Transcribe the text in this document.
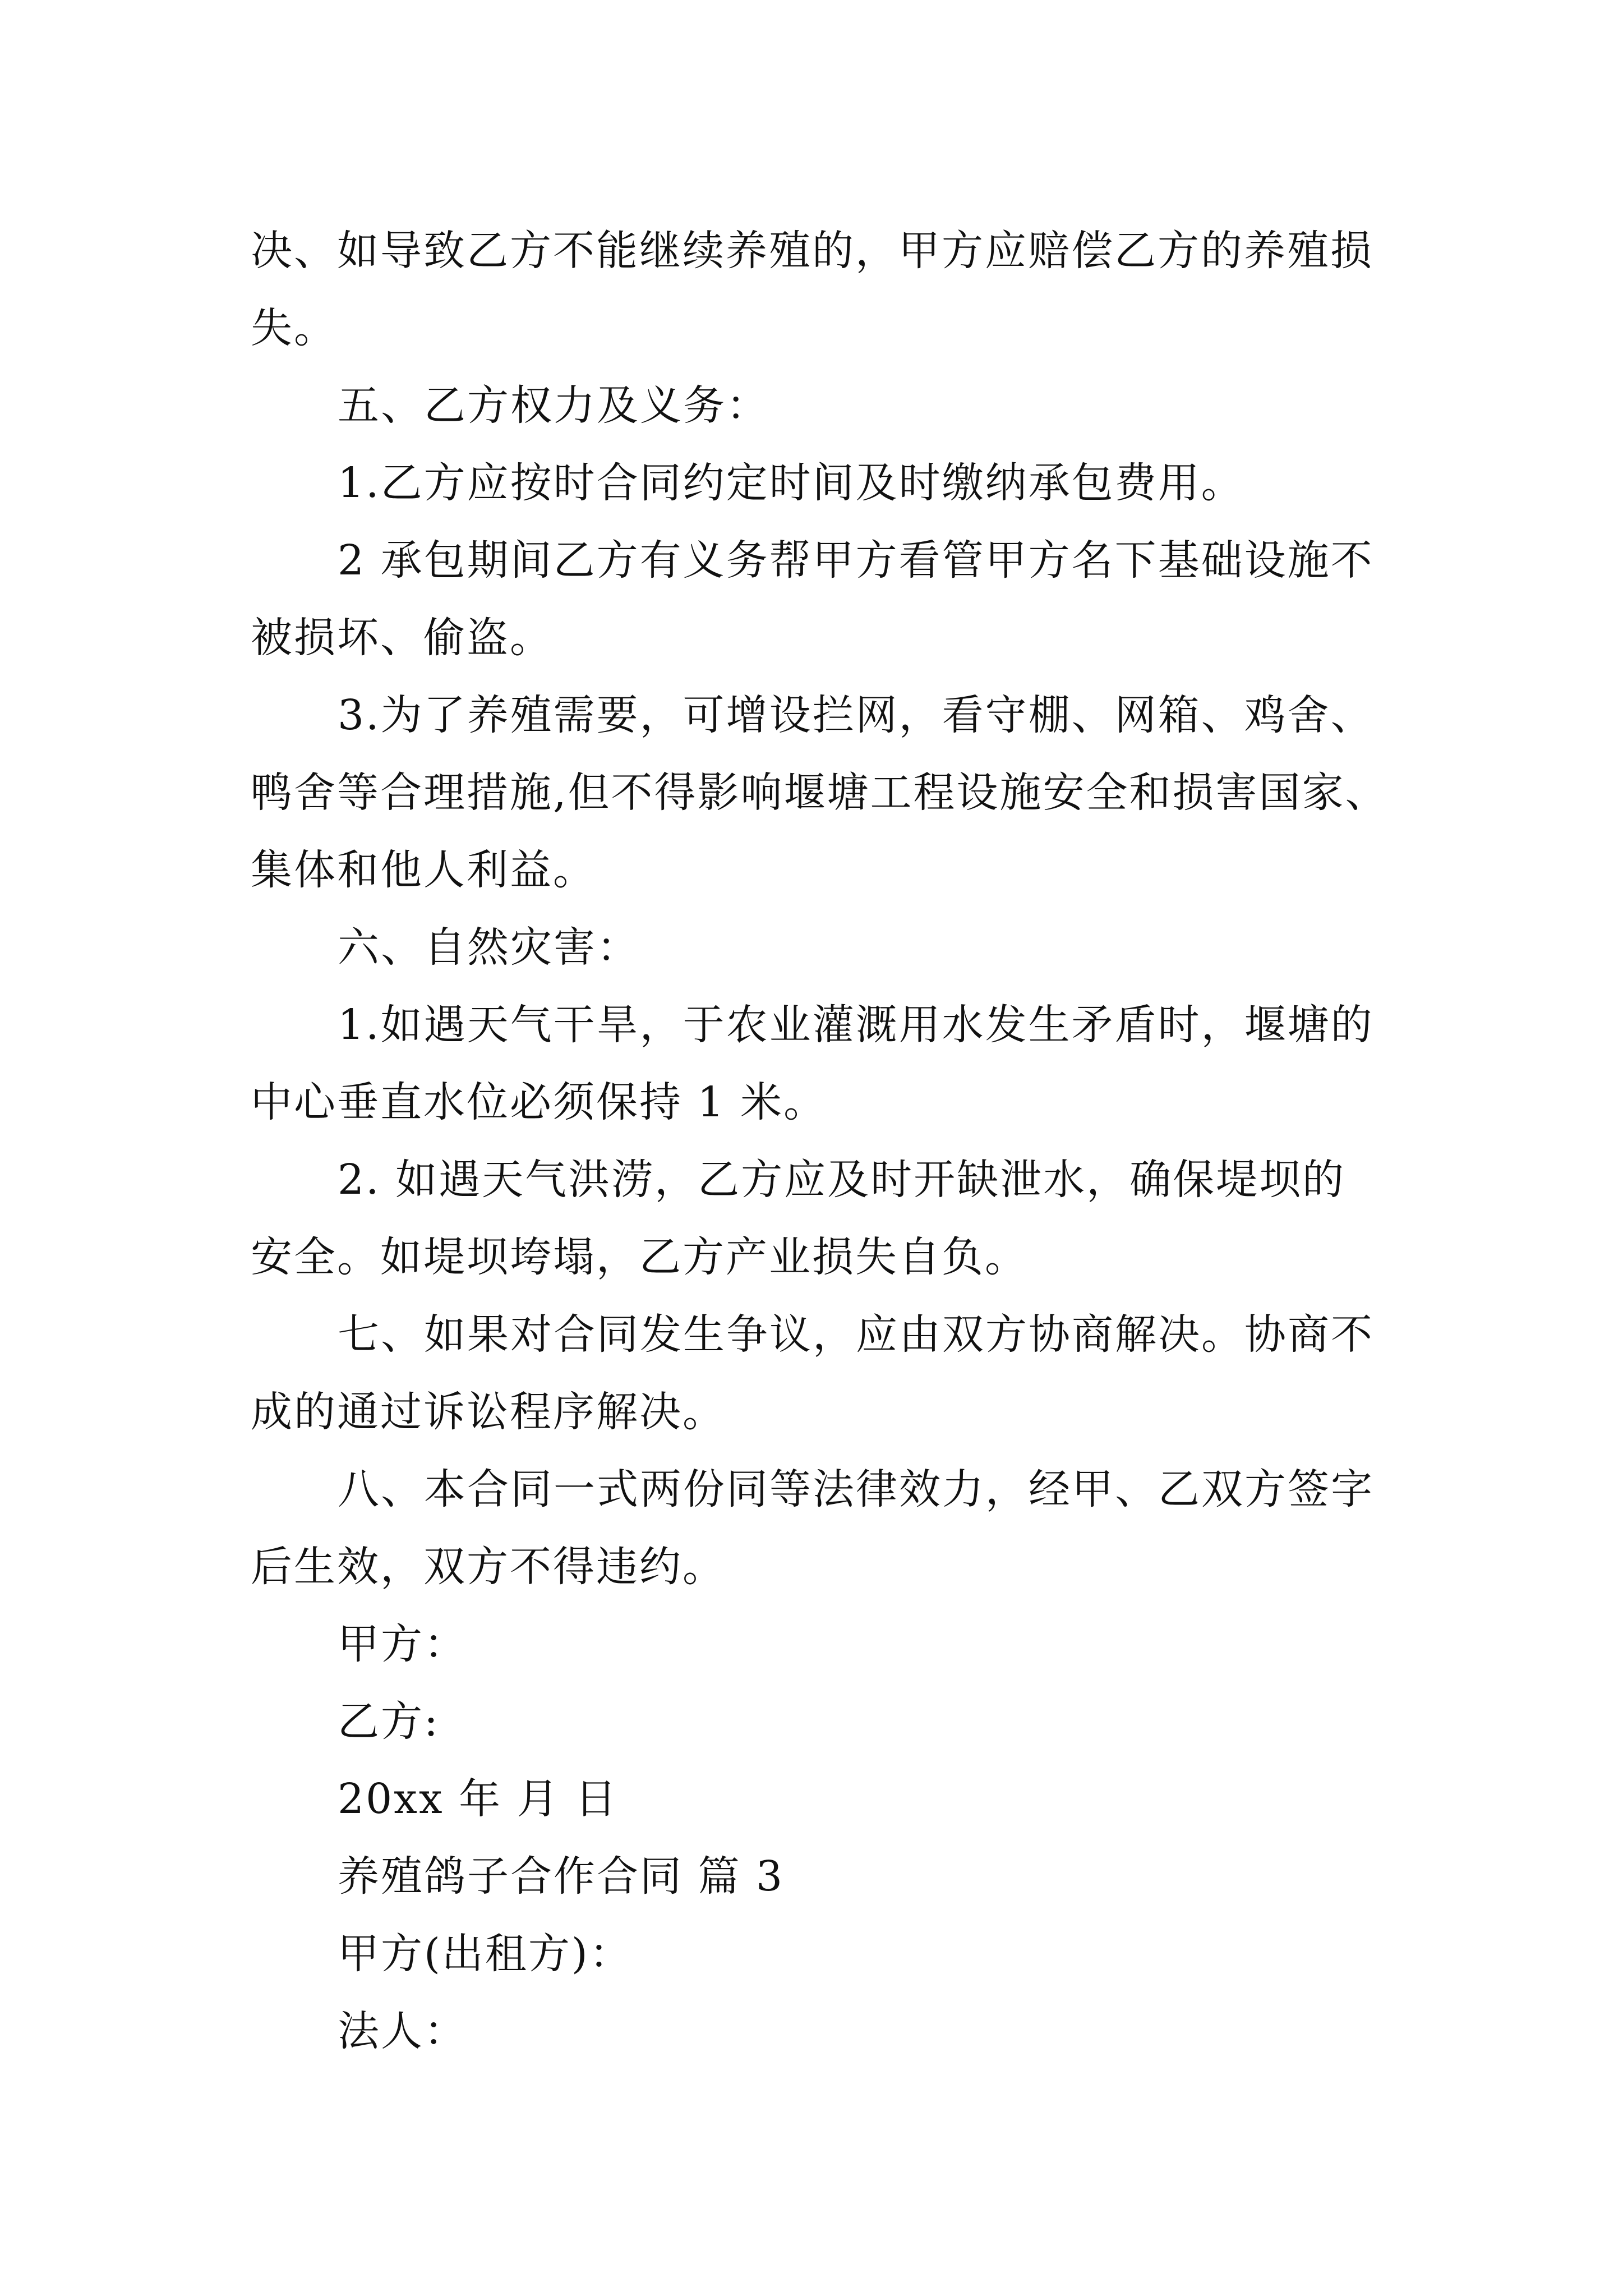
决、如导致乙方不能继续养殖的，甲方应赔偿乙方的养殖损
失。
五、乙方权力及义务：
1.乙方应按时合同约定时间及时缴纳承包费用。
2 承包期间乙方有义务帮甲方看管甲方名下基础设施不
被损坏、偷盗。
3.为了养殖需要，可增设拦网，看守棚、网箱、鸡舍、
鸭舍等合理措施,但不得影响堰塘工程设施安全和损害国家、
集体和他人利益。
六、自然灾害：
1.如遇天气干旱，于农业灌溉用水发生矛盾时，堰塘的
中心垂直水位必须保持 1 米。
2. 如遇天气洪涝，乙方应及时开缺泄水，确保堤坝的
安全。如堤坝垮塌，乙方产业损失自负。
七、如果对合同发生争议，应由双方协商解决。协商不
成的通过诉讼程序解决。
八、本合同一式两份同等法律效力，经甲、乙双方签字
后生效，双方不得违约。
甲方：
乙方:
20xx 年 月 日
养殖鸽子合作合同 篇 3
甲方(出租方)：
法人：
